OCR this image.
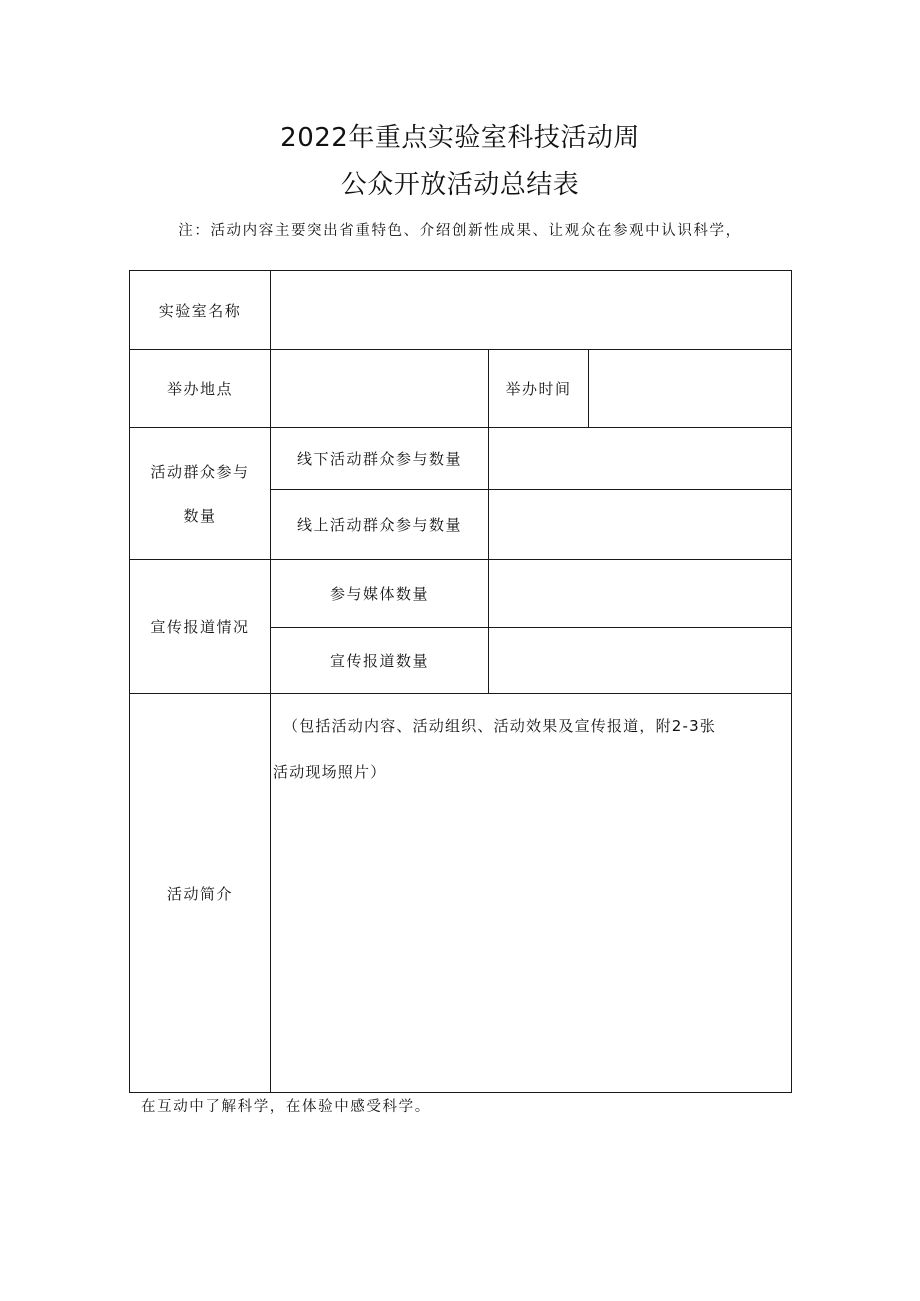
2022年重点实验室科技活动周
公众开放活动总结表
注：活动内容主要突出省重特色、介绍创新性成果、让观众在参观中认识科学，
实验室名称			
举办地点		举办时间	

活动群众参与
数量	线下活动群众参与数量		
	线上活动群众参与数量		
宣传报道情况	参与媒体数量		
	宣传报道数量		
活动简介	（包括活动内容、活动组织、活动效果及宣传报道，附2-3张
活动现场照片）		
在互动中了解科学，在体验中感受科学。
